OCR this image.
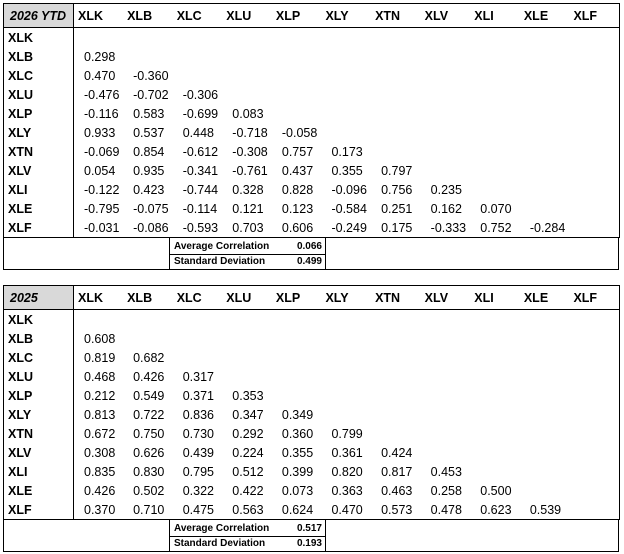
2026 YTD	XLK	XLB	XLC	XLU	XLP	XLY	XTN	XLV	XLI	XLE	XLF
XLK											
XLB	0.298										
XLC	0.470	-0.360									
XLU	-0.476	-0.702	-0.306								
XLP	-0.116	0.583	-0.699	0.083							
XLY	0.933	0.537	0.448	-0.718	-0.058						
XTN	-0.069	0.854	-0.612	-0.308	0.757	0.173					
XLV	0.054	0.935	-0.341	-0.761	0.437	0.355	0.797				
XLI	-0.122	0.423	-0.744	0.328	0.828	-0.096	0.756	0.235			
XLE	-0.795	-0.075	-0.114	0.121	0.123	-0.584	0.251	0.162	0.070		
XLF	-0.031	-0.086	-0.593	0.703	0.606	-0.249	0.175	-0.333	0.752	-0.284	
Average Correlation	0.066
Standard Deviation	0.499
2025	XLK	XLB	XLC	XLU	XLP	XLY	XTN	XLV	XLI	XLE	XLF
XLK											
XLB	0.608										
XLC	0.819	0.682									
XLU	0.468	0.426	0.317								
XLP	0.212	0.549	0.371	0.353							
XLY	0.813	0.722	0.836	0.347	0.349						
XTN	0.672	0.750	0.730	0.292	0.360	0.799					
XLV	0.308	0.626	0.439	0.224	0.355	0.361	0.424				
XLI	0.835	0.830	0.795	0.512	0.399	0.820	0.817	0.453			
XLE	0.426	0.502	0.322	0.422	0.073	0.363	0.463	0.258	0.500		
XLF	0.370	0.710	0.475	0.563	0.624	0.470	0.573	0.478	0.623	0.539	
Average Correlation	0.517
Standard Deviation	0.193
